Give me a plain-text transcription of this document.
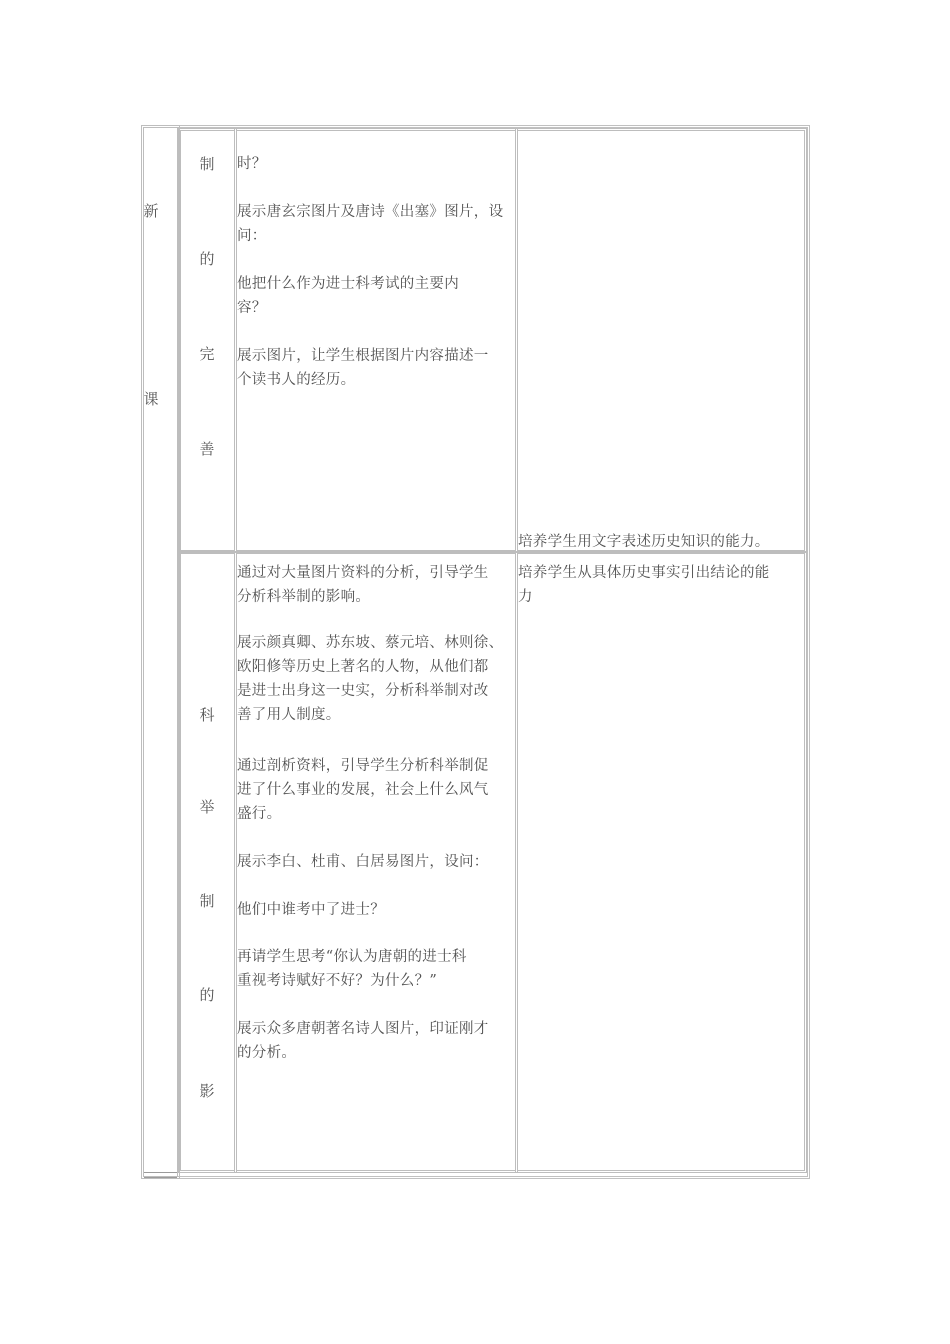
新
课
制
的
完
善
时？
展示唐玄宗图片及唐诗《出塞》图片，设
问：
他把什么作为进士科考试的主要内
容？
展示图片，让学生根据图片内容描述一
个读书人的经历。
培养学生用文字表述历史知识的能力。
科
举
制
的
影
通过对大量图片资料的分析，引导学生
分析科举制的影响。
展示颜真卿、苏东坡、蔡元培、林则徐、
欧阳修等历史上著名的人物，从他们都
是进士出身这一史实，分析科举制对改
善了用人制度。
通过剖析资料，引导学生分析科举制促
进了什么事业的发展，社会上什么风气
盛行。
展示李白、杜甫、白居易图片，设问：
他们中谁考中了进士？
再请学生思考“你认为唐朝的进士科
重视考诗赋好不好？为什么？”
展示众多唐朝著名诗人图片，印证刚才
的分析。
培养学生从具体历史事实引出结论的能
力
